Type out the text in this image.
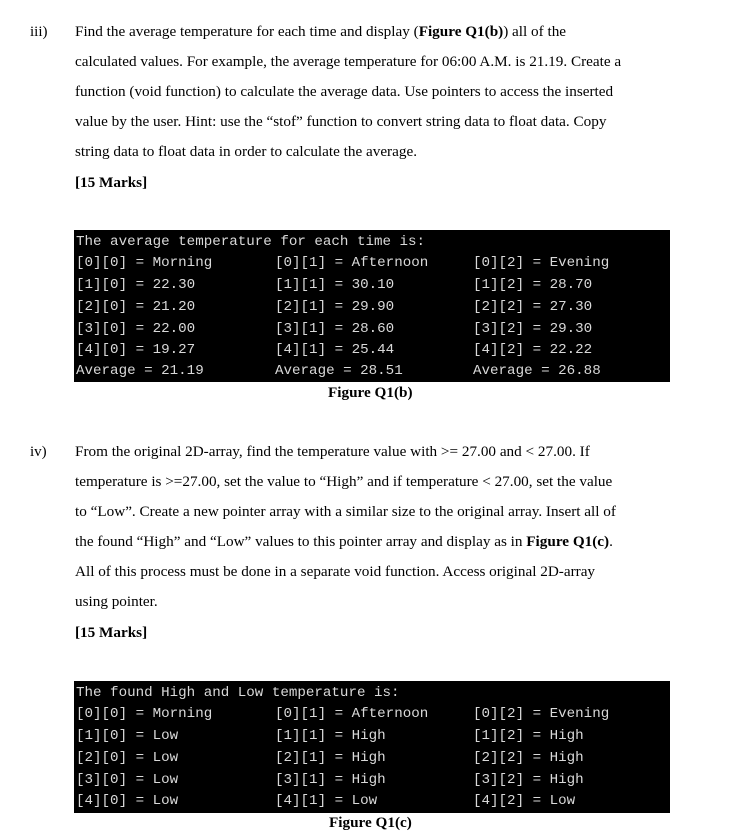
iii) Find the average temperature for each time and display (Figure Q1(b)) all of the
calculated values. For example, the average temperature for 06:00 A.M. is 21.19. Create a
function (void function) to calculate the average data. Use pointers to access the inserted
value by the user. Hint: use the “stof” function to convert string data to float data. Copy
string data to float data in order to calculate the average.
[15 Marks]
The average temperature for each time is:
[0][0] = Morning	[0][1] = Afternoon	[0][2] = Evening
[1][0] = 22.30	[1][1] = 30.10	[1][2] = 28.70
[2][0] = 21.20	[2][1] = 29.90	[2][2] = 27.30
[3][0] = 22.00	[3][1] = 28.60	[3][2] = 29.30
[4][0] = 19.27	[4][1] = 25.44	[4][2] = 22.22
Average = 21.19	Average = 28.51	Average = 26.88
Figure Q1(b)
iv) From the original 2D-array, find the temperature value with >= 27.00 and < 27.00. If
temperature is >=27.00, set the value to “High” and if temperature < 27.00, set the value
to “Low”. Create a new pointer array with a similar size to the original array. Insert all of
the found “High” and “Low” values to this pointer array and display as in Figure Q1(c).
All of this process must be done in a separate void function. Access original 2D-array
using pointer.
[15 Marks]
The found High and Low temperature is:
[0][0] = Morning	[0][1] = Afternoon	[0][2] = Evening
[1][0] = Low	[1][1] = High	[1][2] = High
[2][0] = Low	[2][1] = High	[2][2] = High
[3][0] = Low	[3][1] = High	[3][2] = High
[4][0] = Low	[4][1] = Low	[4][2] = Low
Figure Q1(c)
